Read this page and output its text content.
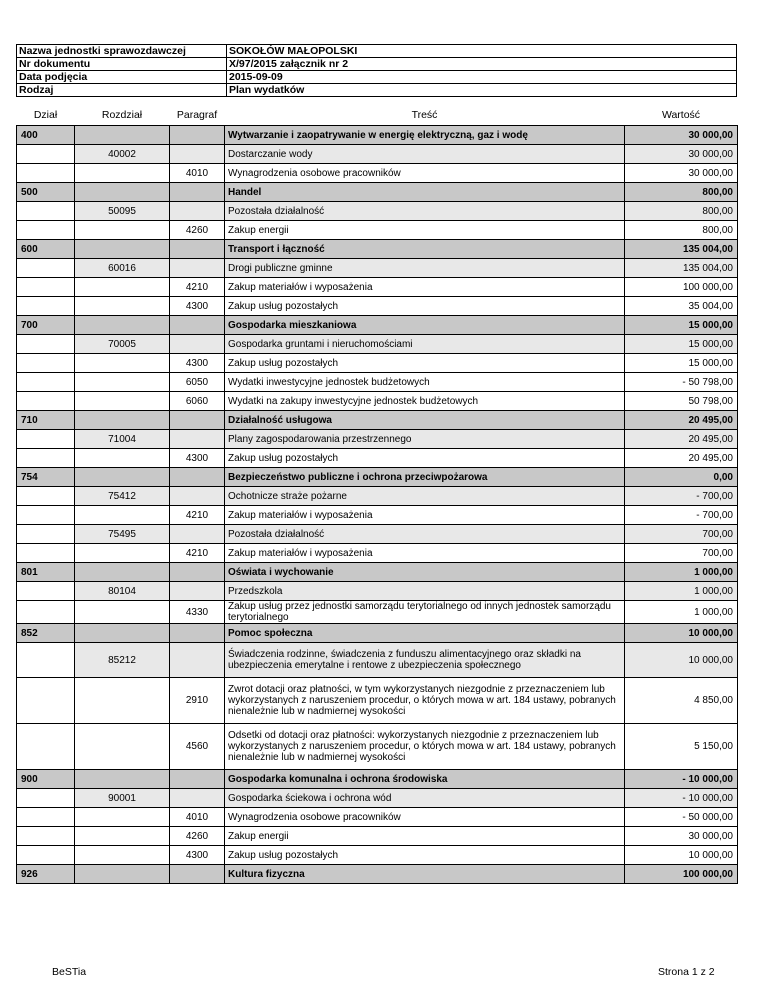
Nazwa jednostki sprawozdawczej	SOKOŁÓW MAŁOPOLSKI
Nr dokumentu	X/97/2015 załącznik nr 2
Data podjęcia	2015-09-09
Rodzaj	Plan wydatków
Dział	Rozdział	Paragraf	Treść	Wartość
400			Wytwarzanie i zaopatrywanie w energię elektryczną, gaz i wodę	30 000,00
	40002		Dostarczanie wody	30 000,00
		4010	Wynagrodzenia osobowe pracowników	30 000,00
500			Handel	800,00
	50095		Pozostała działalność	800,00
		4260	Zakup energii	800,00
600			Transport i łączność	135 004,00
	60016		Drogi publiczne gminne	135 004,00
		4210	Zakup materiałów i wyposażenia	100 000,00
		4300	Zakup usług pozostałych	35 004,00
700			Gospodarka mieszkaniowa	15 000,00
	70005		Gospodarka gruntami i nieruchomościami	15 000,00
		4300	Zakup usług pozostałych	15 000,00
		6050	Wydatki inwestycyjne jednostek budżetowych	- 50 798,00
		6060	Wydatki na zakupy inwestycyjne jednostek budżetowych	50 798,00
710			Działalność usługowa	20 495,00
	71004		Plany zagospodarowania przestrzennego	20 495,00
		4300	Zakup usług pozostałych	20 495,00
754			Bezpieczeństwo publiczne i ochrona przeciwpożarowa	0,00
	75412		Ochotnicze straże pożarne	- 700,00
		4210	Zakup materiałów i wyposażenia	- 700,00
	75495		Pozostała działalność	700,00
		4210	Zakup materiałów i wyposażenia	700,00
801			Oświata i wychowanie	1 000,00
	80104		Przedszkola	1 000,00
		4330	Zakup usług przez jednostki samorządu terytorialnego od innych jednostek samorządu terytorialnego	1 000,00
852			Pomoc społeczna	10 000,00
	85212		Świadczenia rodzinne, świadczenia z funduszu alimentacyjnego oraz składki na ubezpieczenia emerytalne i rentowe z ubezpieczenia społecznego	10 000,00
		2910	Zwrot dotacji oraz płatności, w tym wykorzystanych niezgodnie z przeznaczeniem lub wykorzystanych z naruszeniem procedur, o których mowa w art. 184 ustawy, pobranych nienależnie lub w nadmiernej wysokości	4 850,00
		4560	Odsetki od dotacji oraz płatności: wykorzystanych niezgodnie z przeznaczeniem lub wykorzystanych z naruszeniem procedur, o których mowa w art. 184 ustawy, pobranych nienależnie lub w nadmiernej wysokości	5 150,00
900			Gospodarka komunalna i ochrona środowiska	- 10 000,00
	90001		Gospodarka ściekowa i ochrona wód	- 10 000,00
		4010	Wynagrodzenia osobowe pracowników	- 50 000,00
		4260	Zakup energii	30 000,00
		4300	Zakup usług pozostałych	10 000,00
926			Kultura fizyczna	100 000,00
BeSTia	Strona 1 z 2
